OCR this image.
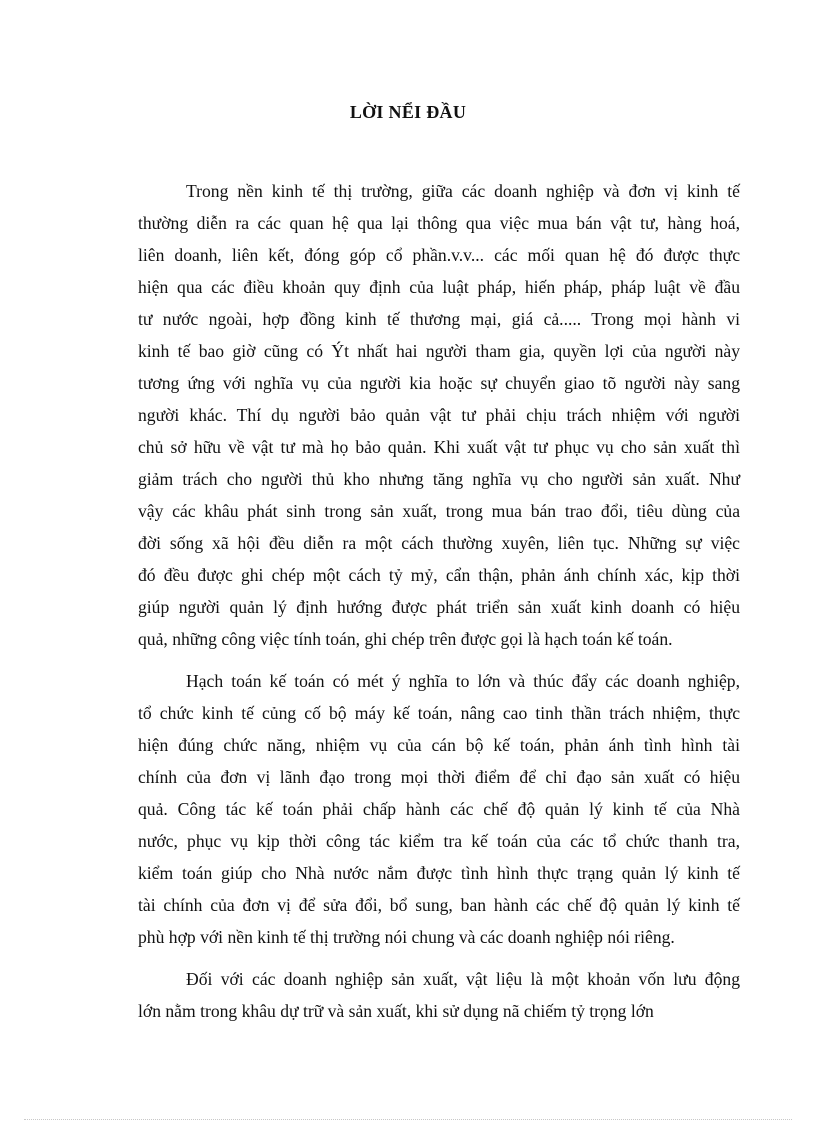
LỜI NỂI ĐẦU
Trong nền kinh tế thị trường, giữa các doanh nghiệp và đơn vị kinh tế
thường diễn ra các quan hệ qua lại thông qua việc mua bán vật tư, hàng hoá,
liên doanh, liên kết, đóng góp cổ phần.v.v... các mối quan hệ đó được thực
hiện qua các điều khoản quy định của luật pháp, hiến pháp, pháp luật về đầu
tư nước ngoài, hợp đồng kinh tế thương mại, giá cả..... Trong mọi hành vi
kinh tế bao giờ cũng có Ýt nhất hai người tham gia, quyền lợi của người này
tương ứng với nghĩa vụ của người kia hoặc sự chuyển giao tõ người này sang
người khác. Thí dụ người bảo quản vật tư phải chịu trách nhiệm với người
chủ sở hữu về vật tư mà họ bảo quản. Khi xuất vật tư phục vụ cho sản xuất thì
giảm trách cho người thủ kho nhưng tăng nghĩa vụ cho người sản xuất. Như
vậy các khâu phát sinh trong sản xuất, trong mua bán trao đổi, tiêu dùng của
đời sống xã hội đều diễn ra một cách thường xuyên, liên tục. Những sự việc
đó đều được ghi chép một cách tỷ mỷ, cẩn thận, phản ánh chính xác, kịp thời
giúp người quản lý định hướng được phát triển sản xuất kinh doanh có hiệu
quả, những công việc tính toán, ghi chép trên được gọi là hạch toán kế toán.
Hạch toán kế toán có mét ý nghĩa to lớn và thúc đẩy các doanh nghiệp,
tổ chức kinh tế củng cố bộ máy kế toán, nâng cao tinh thần trách nhiệm, thực
hiện đúng chức năng, nhiệm vụ của cán bộ kế toán, phản ánh tình hình tài
chính của đơn vị lãnh đạo trong mọi thời điểm để chỉ đạo sản xuất có hiệu
quả. Công tác kế toán phải chấp hành các chế độ quản lý kinh tế của Nhà
nước, phục vụ kịp thời công tác kiểm tra kế toán của các tổ chức thanh tra,
kiểm toán giúp cho Nhà nước nắm được tình hình thực trạng quản lý kinh tế
tài chính của đơn vị để sửa đổi, bổ sung, ban hành các chế độ quản lý kinh tế
phù hợp với nền kinh tế thị trường nói chung và các doanh nghiệp nói riêng.
Đối với các doanh nghiệp sản xuất, vật liệu là một khoản vốn lưu động
lớn nằm trong khâu dự trữ và sản xuất, khi sử dụng nã chiếm tỷ trọng lớn
